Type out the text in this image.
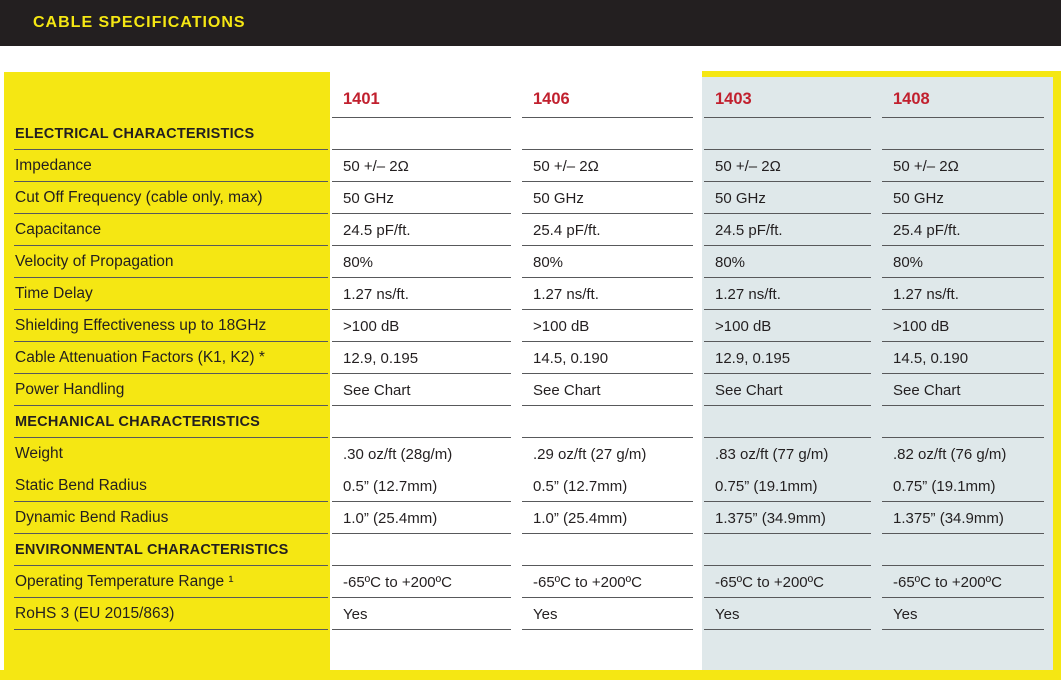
CABLE SPECIFICATIONS
1401	1406	1403	1408
ELECTRICAL CHARACTERISTICS
Impedance	50 +/– 2Ω	50 +/– 2Ω	50 +/– 2Ω	50 +/– 2Ω
Cut Off Frequency (cable only, max)	50 GHz	50 GHz	50 GHz	50 GHz
Capacitance	24.5 pF/ft.	25.4 pF/ft.	24.5 pF/ft.	25.4 pF/ft.
Velocity of Propagation	80%	80%	80%	80%
Time Delay	1.27 ns/ft.	1.27 ns/ft.	1.27 ns/ft.	1.27 ns/ft.
Shielding Effectiveness up to 18GHz	>100 dB	>100 dB	>100 dB	>100 dB
Cable Attenuation Factors (K1, K2) *	12.9, 0.195	14.5, 0.190	12.9, 0.195	14.5, 0.190
Power Handling	See Chart	See Chart	See Chart	See Chart
MECHANICAL CHARACTERISTICS
Weight	.30 oz/ft (28g/m)	.29 oz/ft (27 g/m)	.83 oz/ft (77 g/m)	.82 oz/ft (76 g/m)
Static Bend Radius	0.5” (12.7mm)	0.5” (12.7mm)	0.75” (19.1mm)	0.75” (19.1mm)
Dynamic Bend Radius	1.0” (25.4mm)	1.0” (25.4mm)	1.375” (34.9mm)	1.375” (34.9mm)
ENVIRONMENTAL CHARACTERISTICS
Operating Temperature Range ¹	-65ºC to +200ºC	-65ºC to +200ºC	-65ºC to +200ºC	-65ºC to +200ºC
RoHS 3 (EU 2015/863)	Yes	Yes	Yes	Yes
